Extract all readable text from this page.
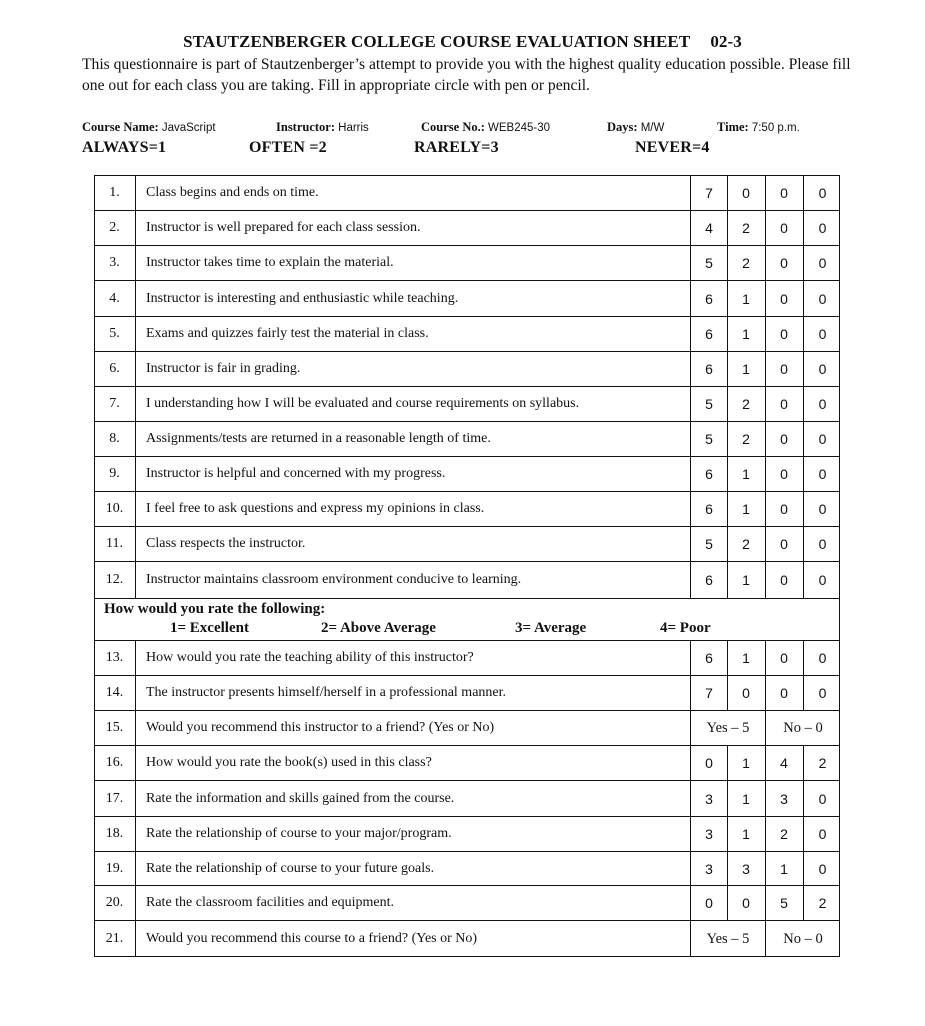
STAUTZENBERGER COLLEGE COURSE EVALUATION SHEET 02-3
This questionnaire is part of Stautzenberger’s attempt to provide you with the highest quality education possible. Please fill one out for each class you are taking. Fill in appropriate circle with pen or pencil.
Course Name: JavaScript	Instructor: Harris	Course No.: WEB245-30	Days: M/W	Time: 7:50 p.m.
ALWAYS=1	OFTEN =2	RARELY=3	NEVER=4
1.	Class begins and ends on time.	7	0	0	0
2.	Instructor is well prepared for each class session.	4	2	0	0
3.	Instructor takes time to explain the material.	5	2	0	0
4.	Instructor is interesting and enthusiastic while teaching.	6	1	0	0
5.	Exams and quizzes fairly test the material in class.	6	1	0	0
6.	Instructor is fair in grading.	6	1	0	0
7.	I understanding how I will be evaluated and course requirements on syllabus.	5	2	0	0
8.	Assignments/tests are returned in a reasonable length of time.	5	2	0	0
9.	Instructor is helpful and concerned with my progress.	6	1	0	0
10.	I feel free to ask questions and express my opinions in class.	6	1	0	0
11.	Class respects the instructor.	5	2	0	0
12.	Instructor maintains classroom environment conducive to learning.	6	1	0	0
How would you rate the following:
1= Excellent	2= Above Average	3= Average	4= Poor
13.	How would you rate the teaching ability of this instructor?	6	1	0	0
14.	The instructor presents himself/herself in a professional manner.	7	0	0	0
15.	Would you recommend this instructor to a friend? (Yes or No)	Yes – 5	No – 0
16.	How would you rate the book(s) used in this class?	0	1	4	2
17.	Rate the information and skills gained from the course.	3	1	3	0
18.	Rate the relationship of course to your major/program.	3	1	2	0
19.	Rate the relationship of course to your future goals.	3	3	1	0
20.	Rate the classroom facilities and equipment.	0	0	5	2
21.	Would you recommend this course to a friend? (Yes or No)	Yes – 5	No – 0
